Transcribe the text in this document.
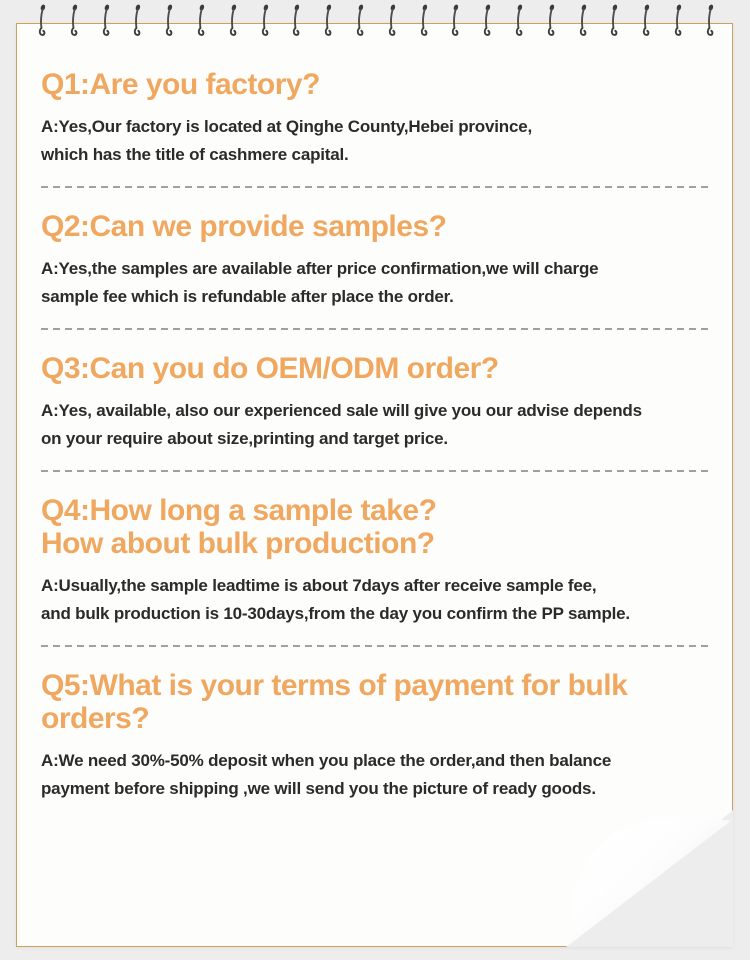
Q1:Are you factory?

A:Yes,Our factory is located at Qinghe County,Hebei province,
which has the title of cashmere capital.

Q2:Can we provide samples?

A:Yes,the samples are available after price confirmation,we will charge
sample fee which is refundable after place the order.

Q3:Can you do OEM/ODM order?

A:Yes, available, also our experienced sale will give you our advise depends
on your require about size,printing and target price.

Q4:How long a sample take?
How about bulk production?

A:Usually,the sample leadtime is about 7days after receive sample fee,
and bulk production is 10-30days,from the day you confirm the PP sample.

Q5:What is your terms of payment for bulk
orders?

A:We need 30%-50% deposit when you place the order,and then balance
payment before shipping ,we will send you the picture of ready goods.
